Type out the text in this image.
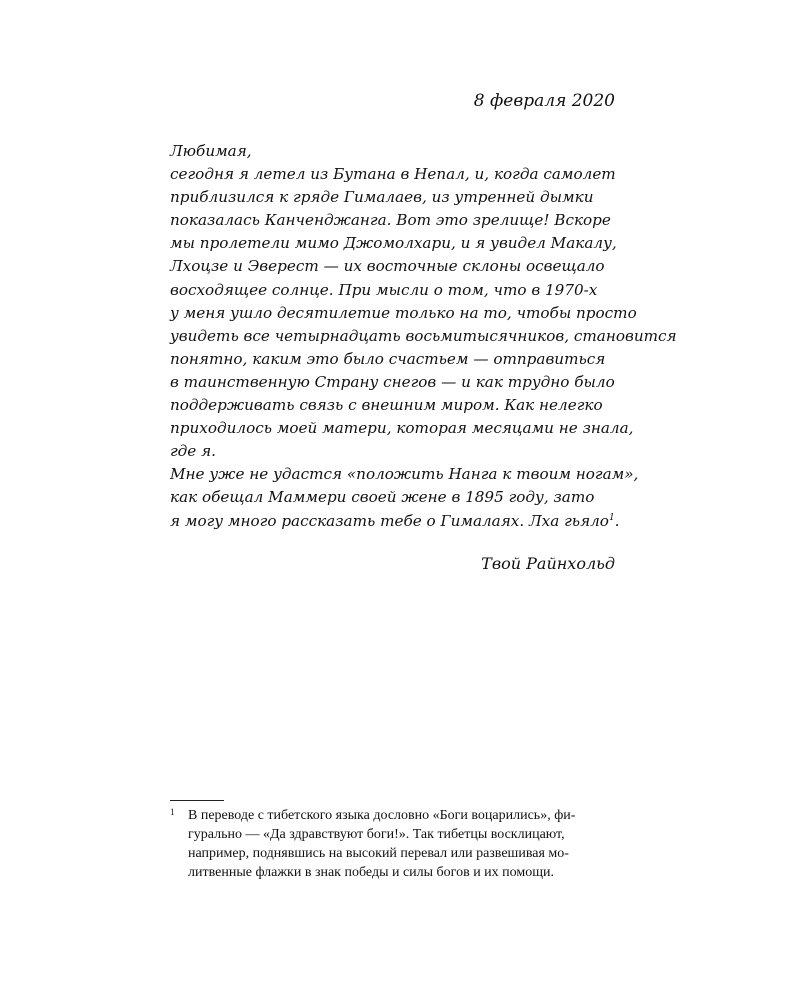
8 февраля 2020
Любимая,
сегодня я летел из Бутана в Непал, и, когда самолет
приблизился к гряде Гималаев, из утренней дымки
показалась Канченджанга. Вот это зрелище! Вскоре
мы пролетели мимо Джомолхари, и я увидел Макалу,
Лхоцзе и Эверест — их восточные склоны освещало
восходящее солнце. При мысли о том, что в 1970-х
у меня ушло десятилетие только на то, чтобы просто
увидеть все четырнадцать восьмитысячников, становится
понятно, каким это было счастьем — отправиться
в таинственную Страну снегов — и как трудно было
поддерживать связь с внешним миром. Как нелегко
приходилось моей матери, которая месяцами не знала,
где я.
Мне уже не удастся «положить Нанга к твоим ногам»,
как обещал Маммери своей жене в 1895 году, зато
я могу много рассказать тебе о Гималаях. Лха гьяло$^1$.
Твой Райнхольд
1 В переводе с тибетского языка дословно «Боги воцарились», фигурально — «Да здравствуют боги!». Так тибетцы восклицают, например, поднявшись на высокий перевал или развешивая молитвенные флажки в знак победы и силы богов и их помощи.
